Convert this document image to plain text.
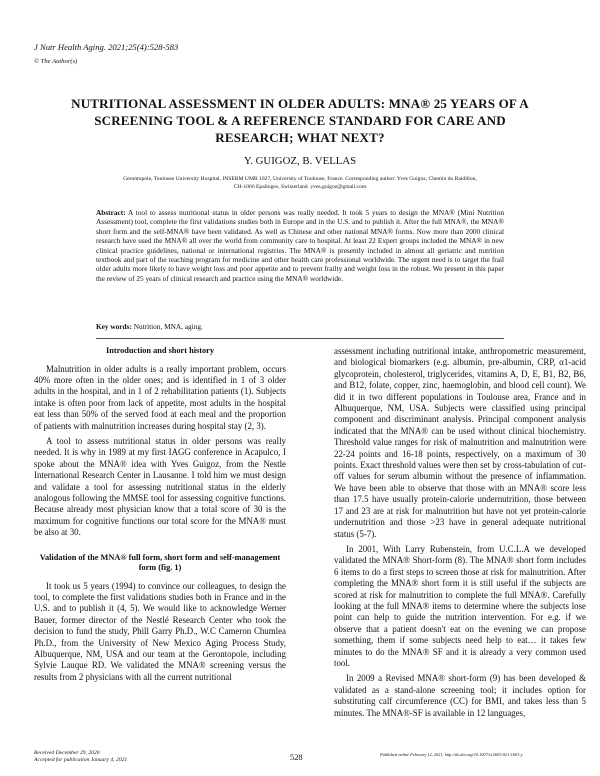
J Nutr Health Aging. 2021;25(4):528-583
© The Author(s)
NUTRITIONAL ASSESSMENT IN OLDER ADULTS: MNA® 25 YEARS OF A SCREENING TOOL & A REFERENCE STANDARD FOR CARE AND RESEARCH; WHAT NEXT?
Y. GUIGOZ, B. VELLAS
Gerontopole, Toulouse University Hospital, INSERM UMR 1027, University of Toulouse, France. Corresponding author: Yves Guigoz, Chemin du Raidillon, CH-1066 Epalinges, Switzerland. yves.guigoz@gmail.com
Abstract: A tool to assess nutritional status in older persons was really needed. It took 5 years to design the MNA® (Mini Nutrition Assessment) tool, complete the first validations studies both in Europe and in the U.S. and to publish it. After the full MNA®, the MNA® short form and the self-MNA® have been validated. As well as Chinese and other national MNA® forms. Now more than 2000 clinical research have used the MNA® all over the world from community care to hospital. At least 22 Expert groups included the MNA® in new clinical practice guidelines, national or international registries. The MNA® is presently included in almost all geriatric and nutrition textbook and part of the teaching program for medicine and other health care professional worldwide. The urgent need is to target the frail older adults more likely to have weight loss and poor appetite and to prevent frailty and weight loss in the robust. We present in this paper the review of 25 years of clinical research and practice using the MNA® worldwide.
Key words: Nutrition, MNA, aging.
Introduction and short history

Malnutrition in older adults is a really important problem, occurs 40% more often in the older ones; and is identified in 1 of 3 older adults in the hospital, and in 1 of 2 rehabilitation patients (1). Subjects intake is often poor from lack of appetite, most adults in the hospital eat less than 50% of the served food at each meal and the proportion of patients with malnutrition increases during hospital stay (2, 3).

A tool to assess nutritional status in older persons was really needed. It is why in 1989 at my first IAGG conference in Acapulco, I spoke about the MNA® idea with Yves Guigoz, from the Nestle International Research Center in Lausanne. I told him we must design and validate a tool for assessing nutritional status in the elderly analogous following the MMSE tool for assessing cognitive functions. Because already most physician know that a total score of 30 is the maximum for cognitive functions our total score for the MNA® must be also at 30.

Validation of the MNA® full form, short form and self-management form (fig. 1)

It took us 5 years (1994) to convince our colleagues, to design the tool, to complete the first validations studies both in France and in the U.S. and to publish it (4, 5). We would like to acknowledge Werner Bauer, former director of the Nestlé Research Center who took the decision to fund the study, Phill Garry Ph.D., W.C Cameron Chumlea Ph.D., from the University of New Mexico Aging Process Study, Albuquerque, NM, USA and our team at the Gerontopole, including Sylvie Lauque RD. We validated the MNA® screening versus the results from 2 physicians with all the current nutritional

assessment including nutritional intake, anthropometric measurement, and biological biomarkers (e.g. albumin, pre-albumin, CRP, α1-acid glycoprotein, cholesterol, triglycerides, vitamins A, D, E, B1, B2, B6, and B12, folate, copper, zinc, haemoglobin, and blood cell count). We did it in two different populations in Toulouse area, France and in Albuquerque, NM, USA. Subjects were classified using principal component and discriminant analysis. Principal component analysis indicated that the MNA® can be used without clinical biochemistry. Threshold value ranges for risk of malnutrition and malnutrition were 22-24 points and 16-18 points, respectively, on a maximum of 30 points. Exact threshold values were then set by cross-tabulation of cut-off values for serum albumin without the presence of inflammation. We have been able to observe that those with an MNA® score less than 17.5 have usually protein-calorie undernutrition, those between 17 and 23 are at risk for malnutrition but have not yet protein-calorie undernutrition and those >23 have in general adequate nutritional status (5-7).

In 2001, With Larry Rubenstein, from U.C.L.A we developed validated the MNA® Short-form (8). The MNA® short form includes 6 items to do a first steps to screen those at risk for malnutrition. After completing the MNA® short form it is still useful if the subjects are scored at risk for malnutrition to complete the full MNA®. Carefully looking at the full MNA® items to determine where the subjects lose point can help to guide the nutrition intervention. For e.g. if we observe that a patient doesn't eat on the evening we can propose something, them if some subjects need help to eat… it takes few minutes to do the MNA® SF and it is already a very common used tool.

In 2009 a Revised MNA® short-form (9) has been developed & validated as a stand-alone screening tool; it includes option for substituting calf circumference (CC) for BMI, and takes less than 5 minutes. The MNA®-SF is available in 12 languages,

Received December 29, 2020
Accepted for publication January 4, 2021	528	Published online February 12, 2021, http://dx.doi.org/10.1007/s12603-021-1601-y
